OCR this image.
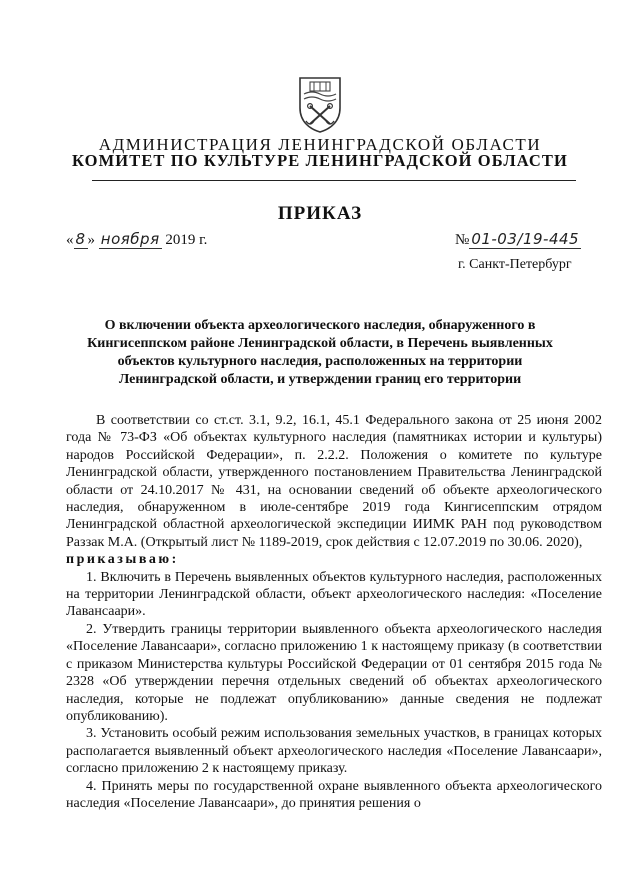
АДМИНИСТРАЦИЯ ЛЕНИНГРАДСКОЙ ОБЛАСТИ
КОМИТЕТ ПО КУЛЬТУРЕ ЛЕНИНГРАДСКОЙ ОБЛАСТИ
ПРИКАЗ
« 8 » ноября 2019 г.	№ 01-03/19-445
г. Санкт-Петербург
О включении объекта археологического наследия, обнаруженного в Кингисеппском районе Ленинградской области, в Перечень выявленных объектов культурного наследия, расположенных на территории Ленинградской области, и утверждении границ его территории

В соответствии со ст.ст. 3.1, 9.2, 16.1, 45.1 Федерального закона от 25 июня 2002 года № 73-ФЗ «Об объектах культурного наследия (памятниках истории и культуры) народов Российской Федерации», п. 2.2.2. Положения о комитете по культуре Ленинградской области, утвержденного постановлением Правительства Ленинградской области от 24.10.2017 № 431, на основании сведений об объекте археологического наследия, обнаруженном в июле-сентябре 2019 года Кингисеппским отрядом Ленинградской областной археологической экспедиции ИИМК РАН под руководством Раззак М.А. (Открытый лист № 1189-2019, срок действия с 12.07.2019 по 30.06. 2020),

приказываю:

1. Включить в Перечень выявленных объектов культурного наследия, расположенных на территории Ленинградской области, объект археологического наследия: «Поселение Лавансаари».

2. Утвердить границы территории выявленного объекта археологического наследия «Поселение Лавансаари», согласно приложению 1 к настоящему приказу (в соответствии с приказом Министерства культуры Российской Федерации от 01 сентября 2015 года № 2328 «Об утверждении перечня отдельных сведений об объектах археологического наследия, которые не подлежат опубликованию» данные сведения не подлежат опубликованию).

3. Установить особый режим использования земельных участков, в границах которых располагается выявленный объект археологического наследия «Поселение Лавансаари», согласно приложению 2 к настоящему приказу.

4. Принять меры по государственной охране выявленного объекта археологического наследия «Поселение Лавансаари», до принятия решения о
